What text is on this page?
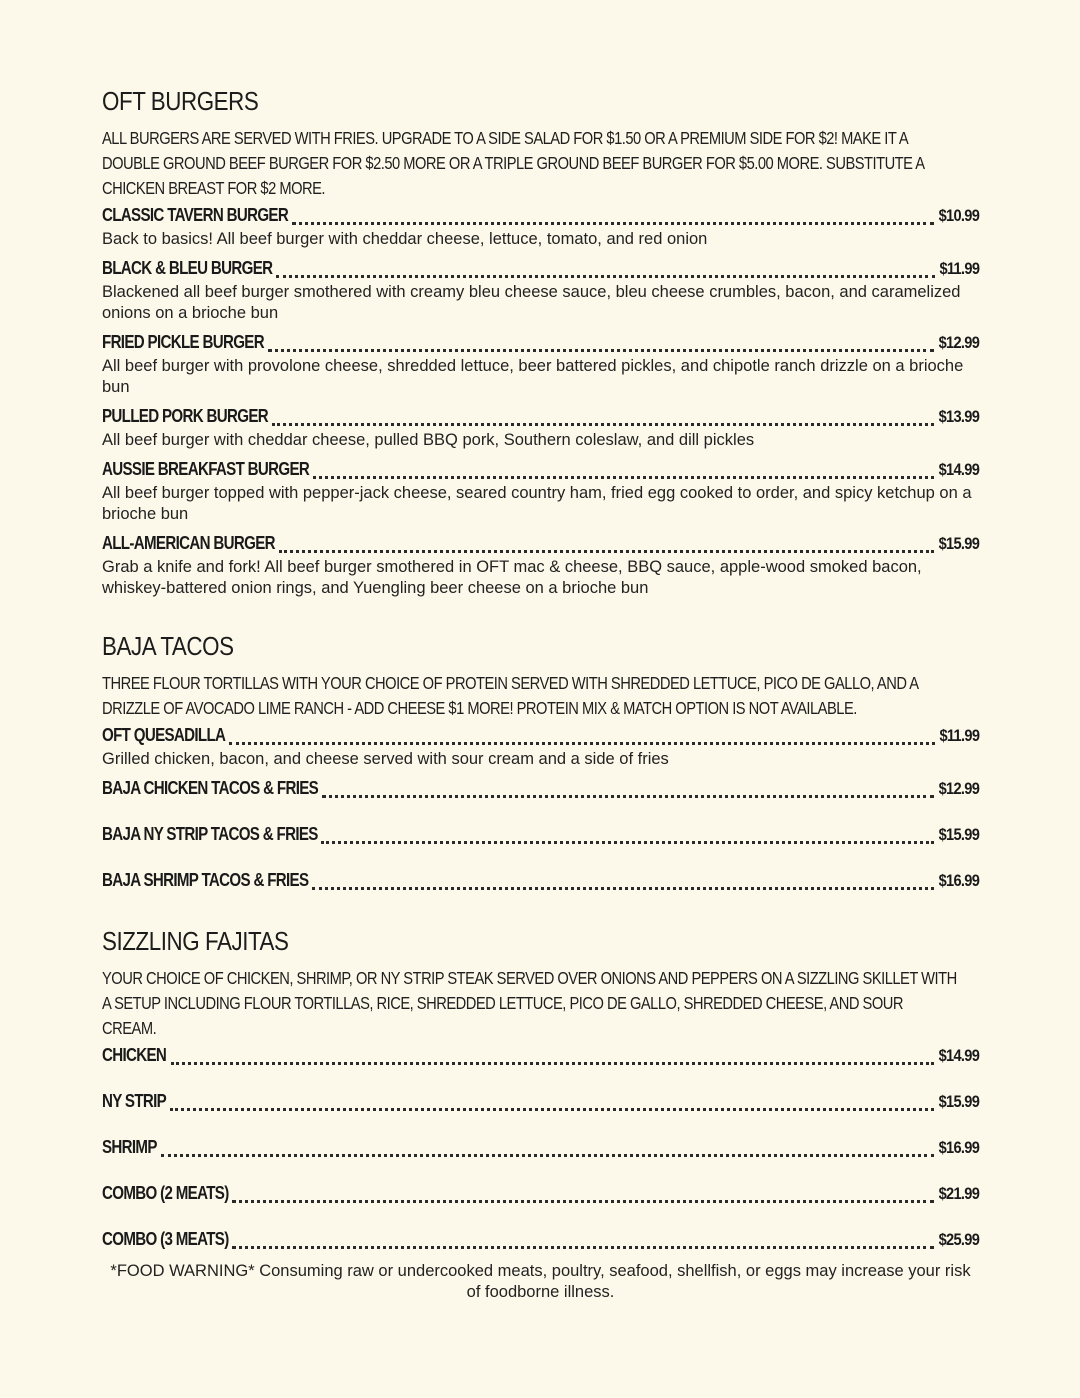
OFT BURGERS

ALL BURGERS ARE SERVED WITH FRIES. UPGRADE TO A SIDE SALAD FOR $1.50 OR A PREMIUM SIDE FOR $2! MAKE IT A DOUBLE GROUND BEEF BURGER FOR $2.50 MORE OR A TRIPLE GROUND BEEF BURGER FOR $5.00 MORE. SUBSTITUTE A CHICKEN BREAST FOR $2 MORE.

CLASSIC TAVERN BURGER	$10.99
Back to basics! All beef burger with cheddar cheese, lettuce, tomato, and red onion
BLACK & BLEU BURGER	$11.99
Blackened all beef burger smothered with creamy bleu cheese sauce, bleu cheese crumbles, bacon, and caramelized onions on a brioche bun
FRIED PICKLE BURGER	$12.99
All beef burger with provolone cheese, shredded lettuce, beer battered pickles, and chipotle ranch drizzle on a brioche bun
PULLED PORK BURGER	$13.99
All beef burger with cheddar cheese, pulled BBQ pork, Southern coleslaw, and dill pickles
AUSSIE BREAKFAST BURGER	$14.99
All beef burger topped with pepper-jack cheese, seared country ham, fried egg cooked to order, and spicy ketchup on a brioche bun
ALL-AMERICAN BURGER	$15.99
Grab a knife and fork! All beef burger smothered in OFT mac & cheese, BBQ sauce, apple-wood smoked bacon, whiskey-battered onion rings, and Yuengling beer cheese on a brioche bun
BAJA TACOS

THREE FLOUR TORTILLAS WITH YOUR CHOICE OF PROTEIN SERVED WITH SHREDDED LETTUCE, PICO DE GALLO, AND A DRIZZLE OF AVOCADO LIME RANCH - ADD CHEESE $1 MORE! PROTEIN MIX & MATCH OPTION IS NOT AVAILABLE.

OFT QUESADILLA	$11.99
Grilled chicken, bacon, and cheese served with sour cream and a side of fries
BAJA CHICKEN TACOS & FRIES	$12.99
BAJA NY STRIP TACOS & FRIES	$15.99
BAJA SHRIMP TACOS & FRIES	$16.99
SIZZLING FAJITAS

YOUR CHOICE OF CHICKEN, SHRIMP, OR NY STRIP STEAK SERVED OVER ONIONS AND PEPPERS ON A SIZZLING SKILLET WITH A SETUP INCLUDING FLOUR TORTILLAS, RICE, SHREDDED LETTUCE, PICO DE GALLO, SHREDDED CHEESE, AND SOUR CREAM.

CHICKEN	$14.99
NY STRIP	$15.99
SHRIMP	$16.99
COMBO (2 MEATS)	$21.99
COMBO (3 MEATS)	$25.99
*FOOD WARNING* Consuming raw or undercooked meats, poultry, seafood, shellfish, or eggs may increase your risk of foodborne illness.
